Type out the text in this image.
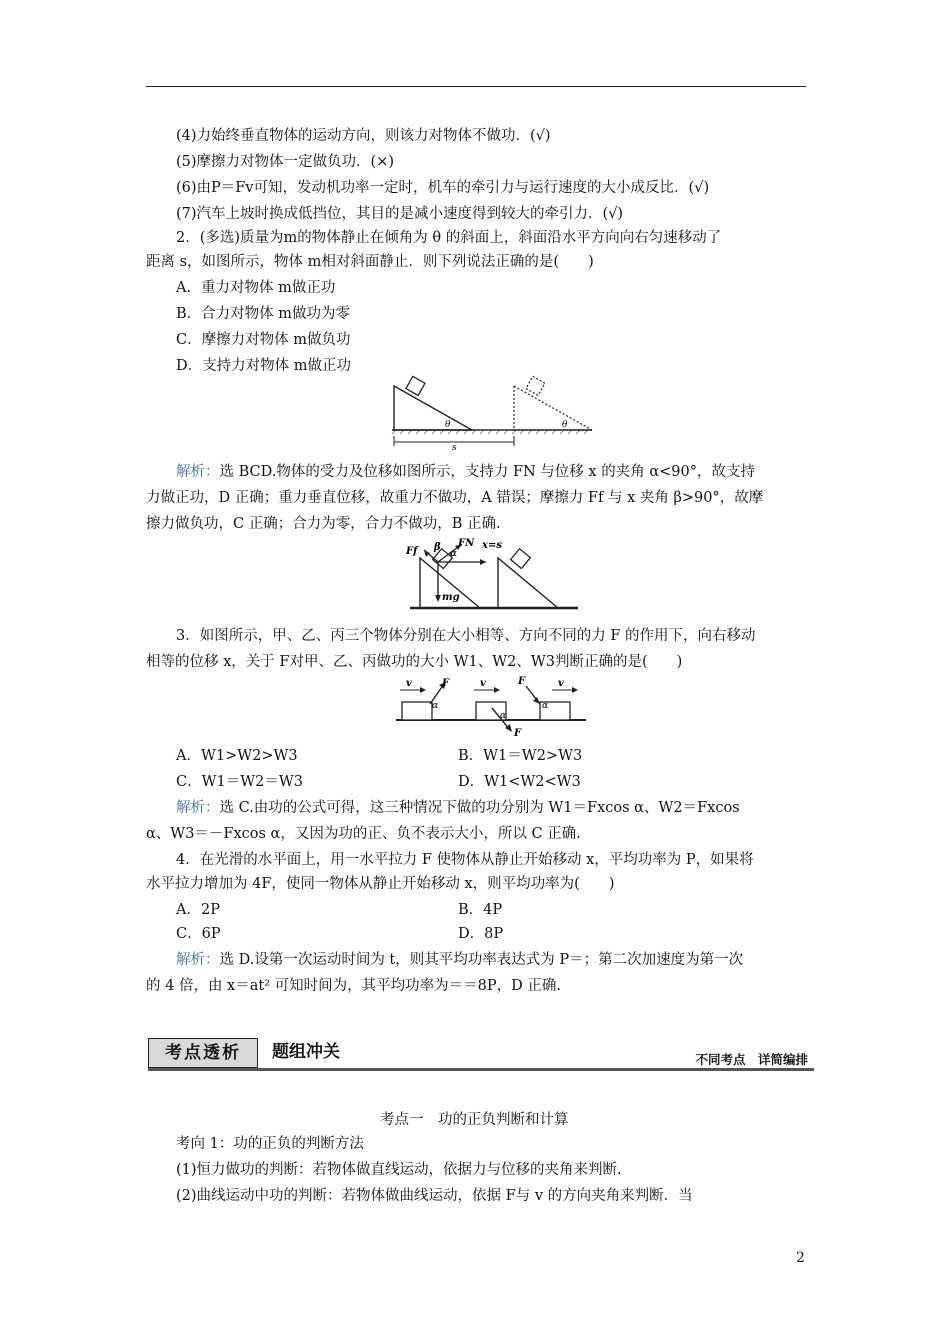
(4)力始终垂直物体的运动方向，则该力对物体不做功．(√)
(5)摩擦力对物体一定做负功．(×)
(6)由P＝Fv可知，发动机功率一定时，机车的牵引力与运行速度的大小成反比．(√)
(7)汽车上坡时换成低挡位，其目的是减小速度得到较大的牵引力．(√)
2．(多选)质量为m的物体静止在倾角为 θ 的斜面上，斜面沿水平方向向右匀速移动了
距离 s，如图所示，物体 m相对斜面静止．则下列说法正确的是(　　)
A．重力对物体 m做正功
B．合力对物体 m做功为零
C．摩擦力对物体 m做负功
D．支持力对物体 m做正功
θ	θ
s
解析：选 BCD.物体的受力及位移如图所示，支持力 FN 与位移 x 的夹角 α<90°，故支持
力做正功，D 正确；重力垂直位移，故重力不做功，A 错误；摩擦力 Ff 与 x 夹角 β>90°，故摩
擦力做负功，C 正确；合力为零，合力不做功，B 正确.
Ff β FN
α
x=s
mg
3．如图所示，甲、乙、丙三个物体分别在大小相等、方向不同的力 F 的作用下，向右移动
相等的位移 x，关于 F对甲、乙、丙做功的大小 W1、W2、W3判断正确的是(　　)
v	F
α
v
F
α
v
F
α
A．W1>W2>W3	B．W1＝W2>W3
C．W1＝W2＝W3	D．W1<W2<W3
解析：选 C.由功的公式可得，这三种情况下做的功分别为 W1＝Fxcos α、W2＝Fxcos
α、W3＝－Fxcos α，又因为功的正、负不表示大小，所以 C 正确.
4．在光滑的水平面上，用一水平拉力 F 使物体从静止开始移动 x，平均功率为 P，如果将
水平拉力增加为 4F，使同一物体从静止开始移动 x，则平均功率为(　　)
A．2P	B．4P
C．6P	D．8P
解析：选 D.设第一次运动时间为 t，则其平均功率表达式为 P＝；第二次加速度为第一次
的 4 倍，由 x＝at² 可知时间为，其平均功率为＝＝8P，D 正确.
考点透析	题组冲关	不同考点　详简编排
考点一　功的正负判断和计算
考向 1：功的正负的判断方法
(1)恒力做功的判断：若物体做直线运动，依据力与位移的夹角来判断.
(2)曲线运动中功的判断：若物体做曲线运动，依据 F与 v 的方向夹角来判断．当
2
